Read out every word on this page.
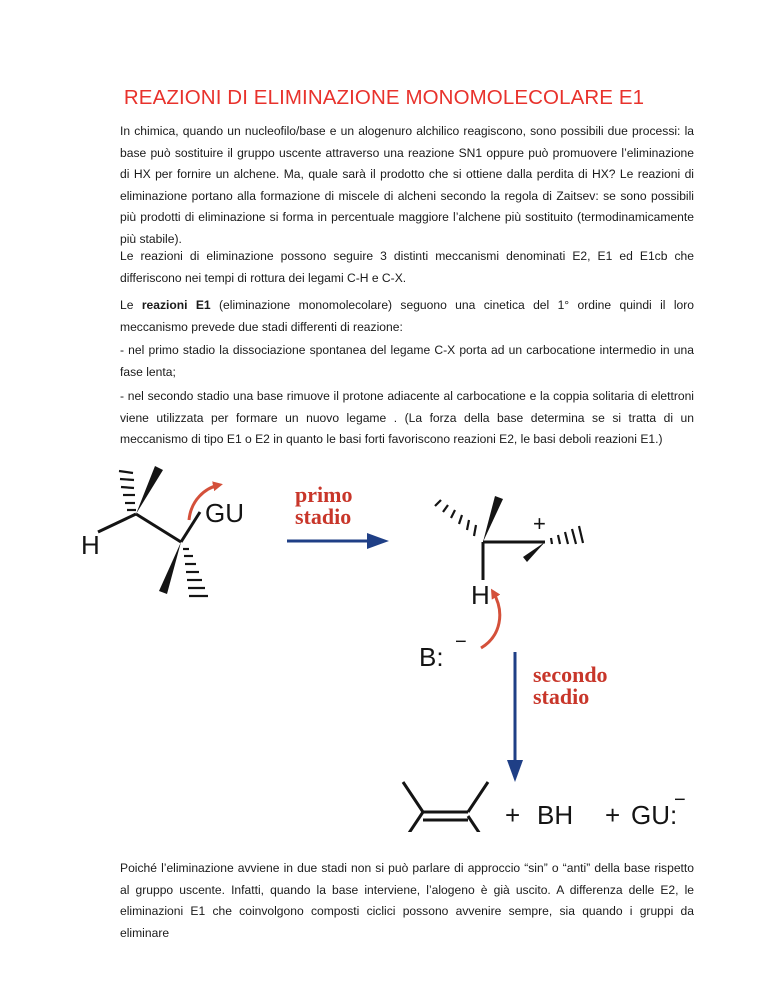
REAZIONI DI ELIMINAZIONE MONOMOLECOLARE E1

In chimica, quando un nucleofilo/base e un alogenuro alchilico reagiscono, sono possibili due processi: la base può sostituire il gruppo uscente attraverso una reazione SN1 oppure può promuovere l’eliminazione di HX per fornire un alchene. Ma, quale sarà il prodotto che si ottiene dalla perdita di HX? Le reazioni di eliminazione portano alla formazione di miscele di alcheni secondo la regola di Zaitsev: se sono possibili più prodotti di eliminazione si forma in percentuale maggiore l’alchene più sostituito (termodinamicamente più stabile).

Le reazioni di eliminazione possono seguire 3 distinti meccanismi denominati E2, E1 ed E1cb che differiscono nei tempi di rottura dei legami C-H e C-X.

Le reazioni E1 (eliminazione monomolecolare) seguono una cinetica del 1° ordine quindi il loro meccanismo prevede due stadi differenti di reazione:

- nel primo stadio la dissociazione spontanea del legame C-X porta ad un carbocatione intermedio in una fase lenta;

- nel secondo stadio una base rimuove il protone adiacente al carbocatione e la coppia solitaria di elettroni viene utilizzata per formare un nuovo legame . (La forza della base determina se si tratta di un meccanismo di tipo E1 o E2 in quanto le basi forti favoriscono reazioni E2, le basi deboli reazioni E1.)

H
GU
primo
stadio	+
H
B: −
secondo
stadio
+ BH + GU:
−

Poiché l’eliminazione avviene in due stadi non si può parlare di approccio “sin” o “anti” della base rispetto al gruppo uscente. Infatti, quando la base interviene, l’alogeno è già uscito. A differenza delle E2, le eliminazioni E1 che coinvolgono composti ciclici possono avvenire sempre, sia quando i gruppi da eliminare
